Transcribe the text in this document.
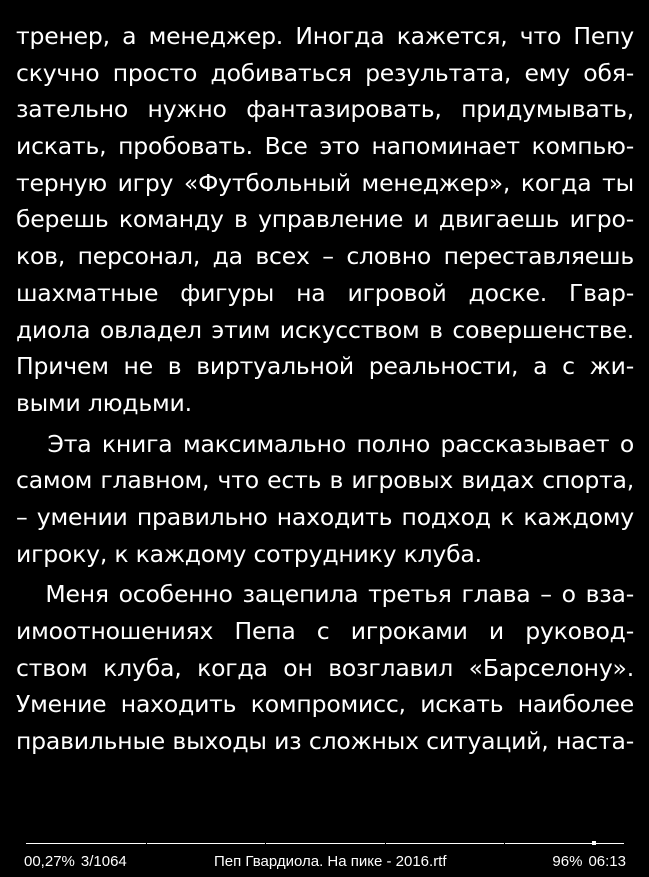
тренер, а менеджер. Иногда кажется, что Пепу
скучно просто добиваться результата, ему обя-
зательно нужно фантазировать, придумывать,
искать, пробовать. Все это напоминает компью-
терную игру «Футбольный менеджер», когда ты
берешь команду в управление и двигаешь игро-
ков, персонал, да всех – словно переставляешь
шахматные фигуры на игровой доске. Гвар-
диола овладел этим искусством в совершенстве.
Причем не в виртуальной реальности, а с жи-
выми людьми.
Эта книга максимально полно рассказывает о
самом главном, что есть в игровых видах спорта,
– умении правильно находить подход к каждому
игроку, к каждому сотруднику клуба.
Меня особенно зацепила третья глава – о вза-
имоотношениях Пепа с игроками и руковод-
ством клуба, когда он возглавил «Барселону».
Умение находить компромисс, искать наиболее
правильные выходы из сложных ситуаций, наста-
00,27% 3/1064	Пеп Гвардиола. На пике - 2016.rtf	96% 06:13
